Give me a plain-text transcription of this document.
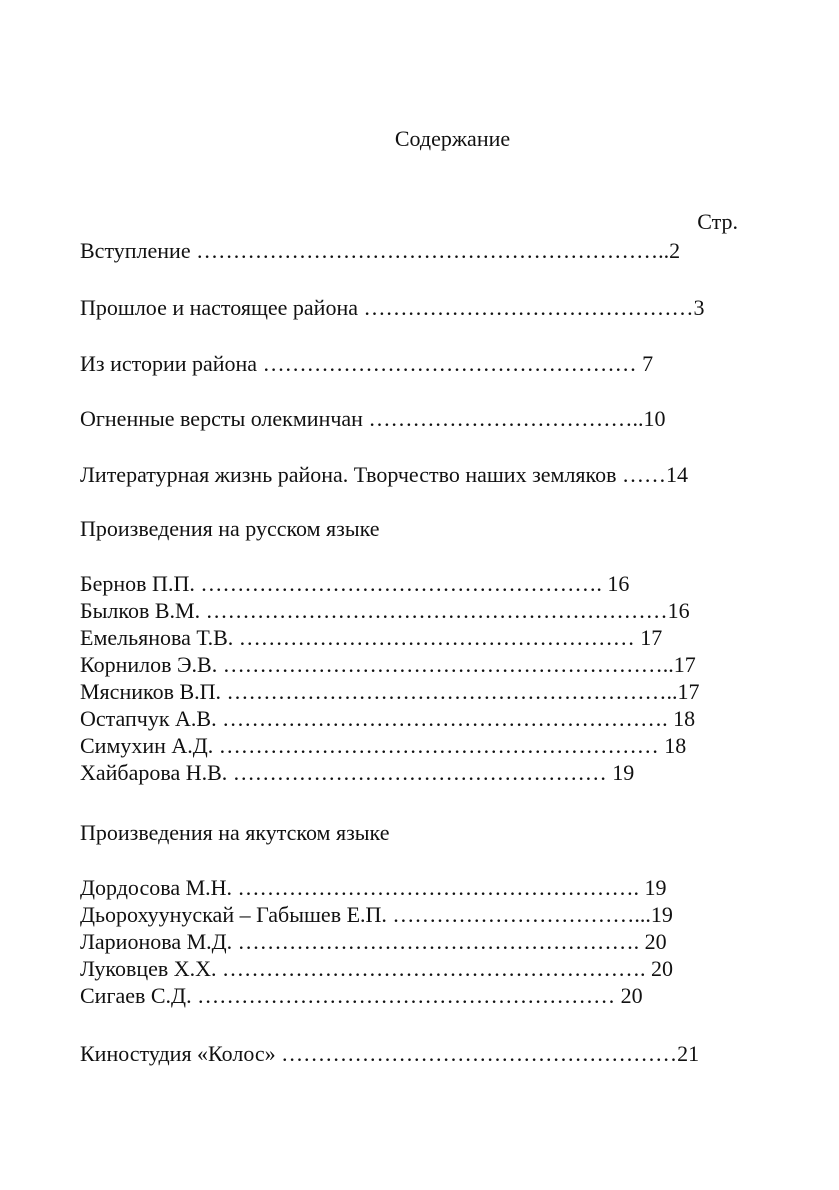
Содержание
Стр.
Вступление ………………………………………………………..2
Прошлое и настоящее района ………………………………………3
Из истории района …………………………………………… 7
Огненные версты олекминчан ………………………………..10
Литературная жизнь района. Творчество наших земляков ……14
Произведения на русском языке
Бернов П.П. ………………………………………………. 16
Былков В.М. ………………………………………………………16
Емельянова Т.В. ……………………………………………… 17
Корнилов Э.В. ……………………………………………………..17
Мясников В.П. ……………………………………………………..17
Остапчук А.В. ……………………………………………………. 18
Симухин А.Д. …………………………………………………… 18
Хайбарова Н.В. …………………………………………… 19
Произведения на якутском языке
Дордосова М.Н. ………………………………………………. 19
Дьорохуунускай – Габышев Е.П. ……………………………...19
Ларионова М.Д. ………………………………………………. 20
Луковцев Х.Х. …………………………………………………. 20
Сигаев С.Д. ………………………………………………… 20
Киностудия «Колос» ………………………………………………21
